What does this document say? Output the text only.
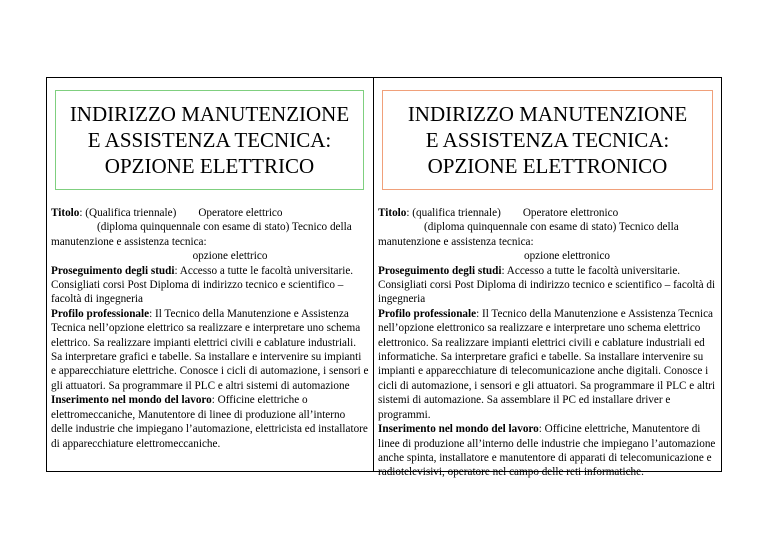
INDIRIZZO MANUTENZIONE
E ASSISTENZA TECNICA:
OPZIONE ELETTRICO

Titolo: (Qualifica triennale) Operatore elettrico

(diploma quinquennale con esame di stato) Tecnico della

manutenzione e assistenza tecnica:

opzione elettrico

Proseguimento degli studi: Accesso a tutte le facoltà universitarie. Consigliati corsi Post Diploma di indirizzo tecnico e scientifico – facoltà di ingegneria

Profilo professionale: Il Tecnico della Manutenzione e Assistenza Tecnica nell’opzione elettrico sa realizzare e interpretare uno schema elettrico. Sa realizzare impianti elettrici civili e cablature industriali. Sa interpretare grafici e tabelle. Sa installare e intervenire su impianti e apparecchiature elettriche. Conosce i cicli di automazione, i sensori e gli attuatori. Sa programmare il PLC e altri sistemi di automazione

Inserimento nel mondo del lavoro: Officine elettriche o elettromeccaniche, Manutentore di linee di produzione all’interno delle industrie che impiegano l’automazione, elettricista ed installatore di apparecchiature elettromeccaniche.

INDIRIZZO MANUTENZIONE
E ASSISTENZA TECNICA:
OPZIONE ELETTRONICO

Titolo: (qualifica triennale) Operatore elettronico

(diploma quinquennale con esame di stato) Tecnico della

manutenzione e assistenza tecnica:

opzione elettronico

Proseguimento degli studi: Accesso a tutte le facoltà universitarie. Consigliati corsi Post Diploma di indirizzo tecnico e scientifico – facoltà di ingegneria

Profilo professionale: Il Tecnico della Manutenzione e Assistenza Tecnica nell’opzione elettronico sa realizzare e interpretare uno schema elettrico elettronico. Sa realizzare impianti elettrici civili e cablature industriali ed informatiche. Sa interpretare grafici e tabelle. Sa installare intervenire su impianti e apparecchiature di telecomunicazione anche digitali. Conosce i cicli di automazione, i sensori e gli attuatori. Sa programmare il PLC e altri sistemi di automazione. Sa assemblare il PC ed installare driver e programmi.

Inserimento nel mondo del lavoro: Officine elettriche, Manutentore di linee di produzione all’interno delle industrie che impiegano l’automazione anche spinta, installatore e manutentore di apparati di telecomunicazione e radiotelevisivi, operatore nel campo delle reti informatiche.
